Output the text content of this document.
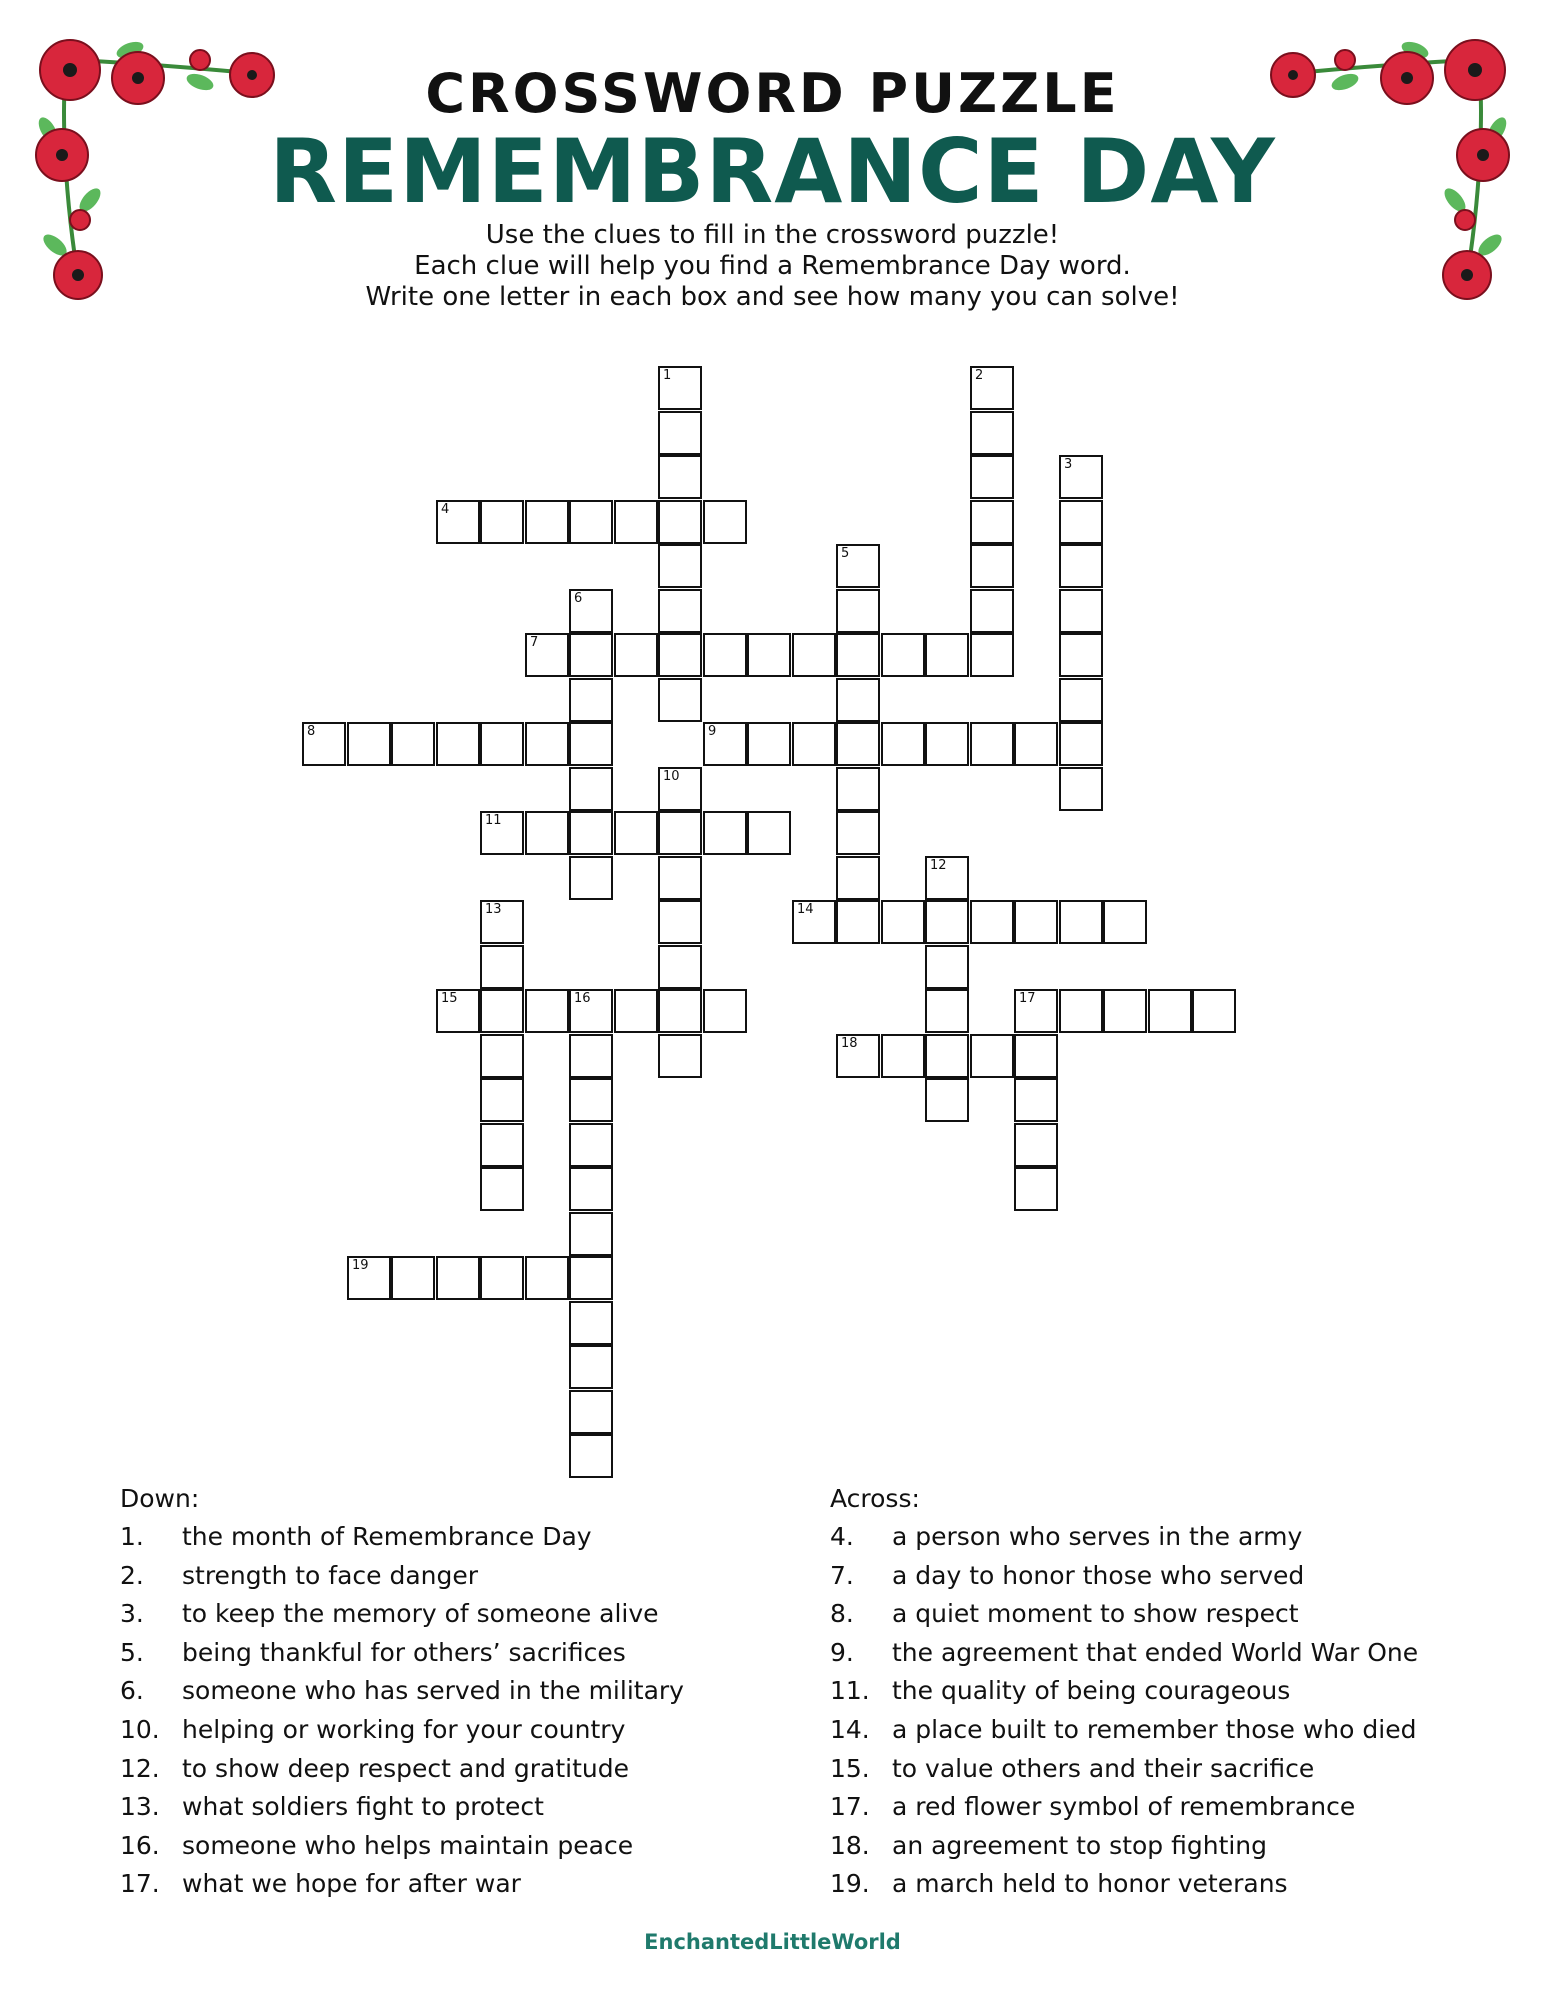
CROSSWORD PUZZLE
REMEMBRANCE DAY
Use the clues to fill in the crossword puzzle!
Each clue will help you find a Remembrance Day word.
Write one letter in each box and see how many you can solve!
1	2
3
4
5
6
7
8	9
10
11
12
13	14
15	16	17
18
19
Down:
1. the month of Remembrance Day
2. strength to face danger
3. to keep the memory of someone alive
5. being thankful for others’ sacrifices
6. someone who has served in the military
10. helping or working for your country
12. to show deep respect and gratitude
13. what soldiers fight to protect
16. someone who helps maintain peace
17. what we hope for after war
Across:
4. a person who serves in the army
7. a day to honor those who served
8. a quiet moment to show respect
9. the agreement that ended World War One
11. the quality of being courageous
14. a place built to remember those who died
15. to value others and their sacrifice
17. a red flower symbol of remembrance
18. an agreement to stop fighting
19. a march held to honor veterans
EnchantedLittleWorld
